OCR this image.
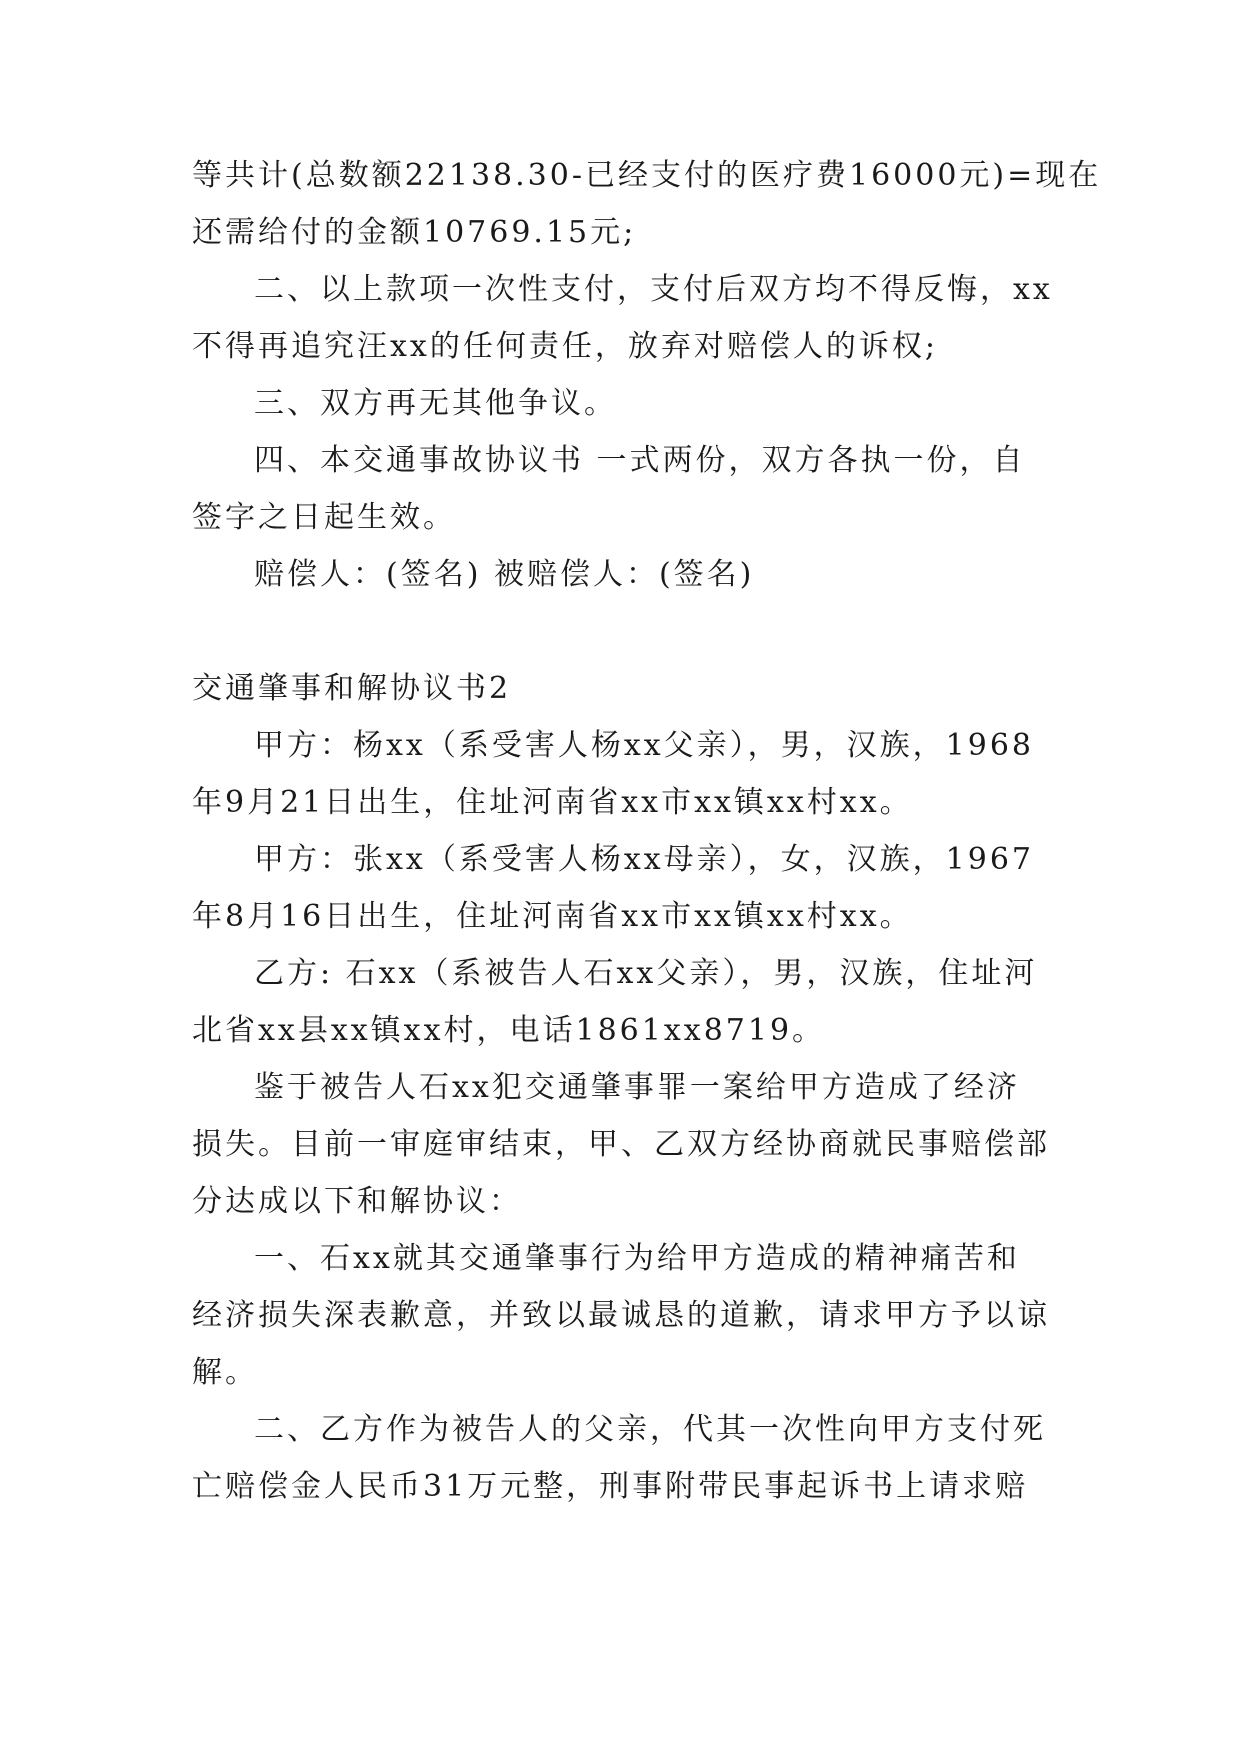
等共计(总数额22138.30-已经支付的医疗费16000元)=现在
还需给付的金额10769.15元;
二、以上款项一次性支付，支付后双方均不得反悔，xx
不得再追究汪xx的任何责任，放弃对赔偿人的诉权;
三、双方再无其他争议。
四、本交通事故协议书 一式两份，双方各执一份，自
签字之日起生效。
赔偿人：(签名) 被赔偿人：(签名)
交通肇事和解协议书2
甲方：杨xx（系受害人杨xx父亲），男，汉族，1968
年9月21日出生，住址河南省xx市xx镇xx村xx。
甲方：张xx（系受害人杨xx母亲），女，汉族，1967
年8月16日出生，住址河南省xx市xx镇xx村xx。
乙方: 石xx（系被告人石xx父亲），男，汉族，住址河
北省xx县xx镇xx村，电话1861xx8719。
鉴于被告人石xx犯交通肇事罪一案给甲方造成了经济
损失。目前一审庭审结束，甲、乙双方经协商就民事赔偿部
分达成以下和解协议：
一、石xx就其交通肇事行为给甲方造成的精神痛苦和
经济损失深表歉意，并致以最诚恳的道歉，请求甲方予以谅
解。
二、乙方作为被告人的父亲，代其一次性向甲方支付死
亡赔偿金人民币31万元整，刑事附带民事起诉书上请求赔
